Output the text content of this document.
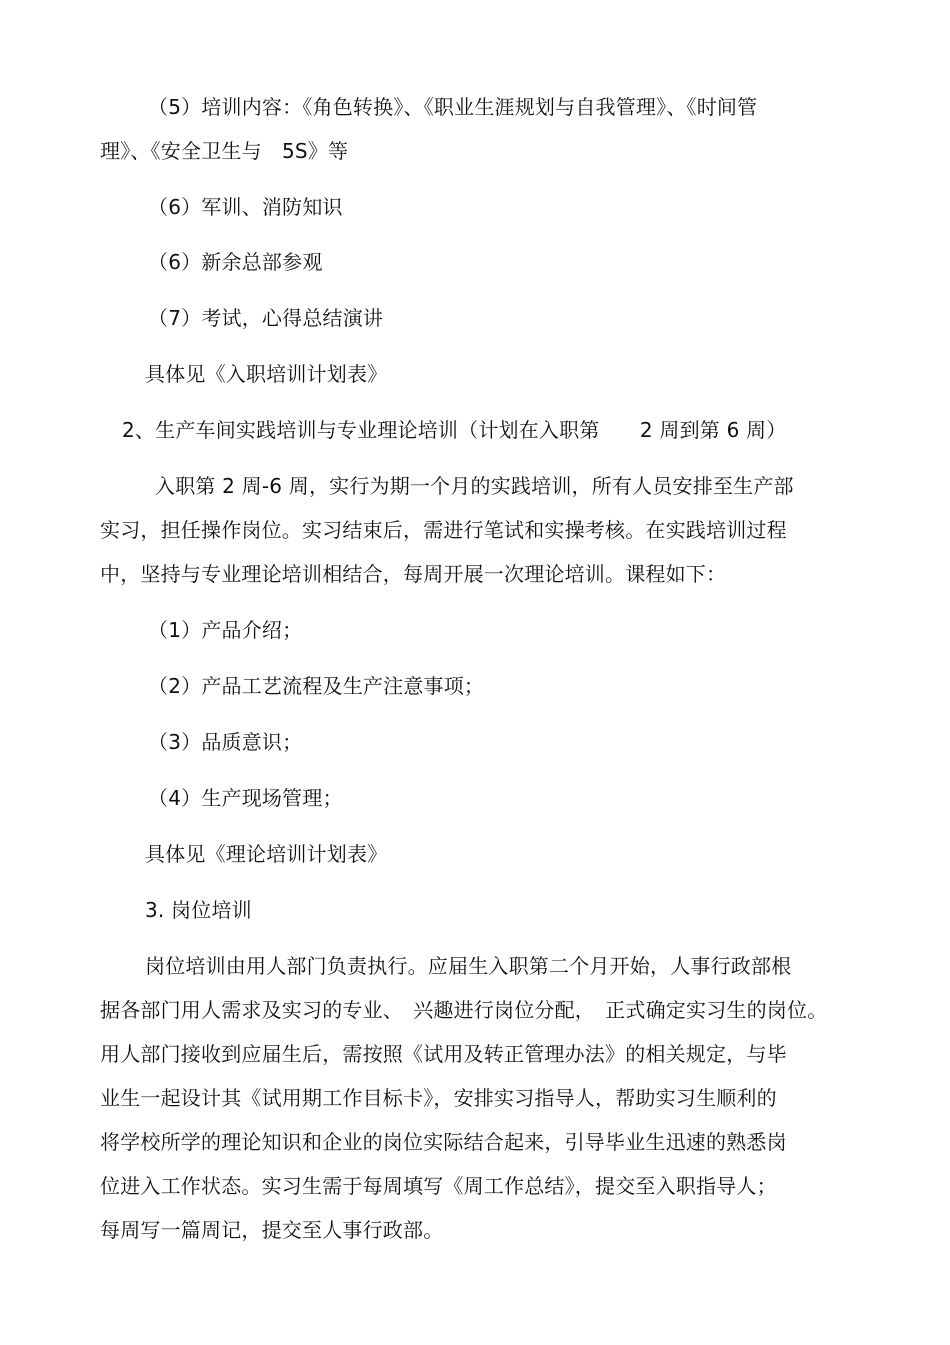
（5）培训内容：《角色转换》、《职业生涯规划与自我管理》、《时间管
理》、《安全卫生与　5S》等
（6）军训、消防知识
（6）新余总部参观
（7）考试，心得总结演讲
具体见《入职培训计划表》
2、生产车间实践培训与专业理论培训（计划在入职第　　2 周到第 6 周）
入职第 2 周-6 周，实行为期一个月的实践培训，所有人员安排至生产部
实习，担任操作岗位。实习结束后，需进行笔试和实操考核。在实践培训过程
中，坚持与专业理论培训相结合，每周开展一次理论培训。课程如下：
（1）产品介绍；
（2）产品工艺流程及生产注意事项；
（3）品质意识；
（4）生产现场管理；
具体见《理论培训计划表》
3. 岗位培训
岗位培训由用人部门负责执行。应届生入职第二个月开始，人事行政部根
据各部门用人需求及实习的专业、　兴趣进行岗位分配，　正式确定实习生的岗位。
用人部门接收到应届生后，需按照《试用及转正管理办法》的相关规定，与毕
业生一起设计其《试用期工作目标卡》，安排实习指导人，帮助实习生顺利的
将学校所学的理论知识和企业的岗位实际结合起来，引导毕业生迅速的熟悉岗
位进入工作状态。实习生需于每周填写《周工作总结》，提交至入职指导人；
每周写一篇周记，提交至人事行政部。
